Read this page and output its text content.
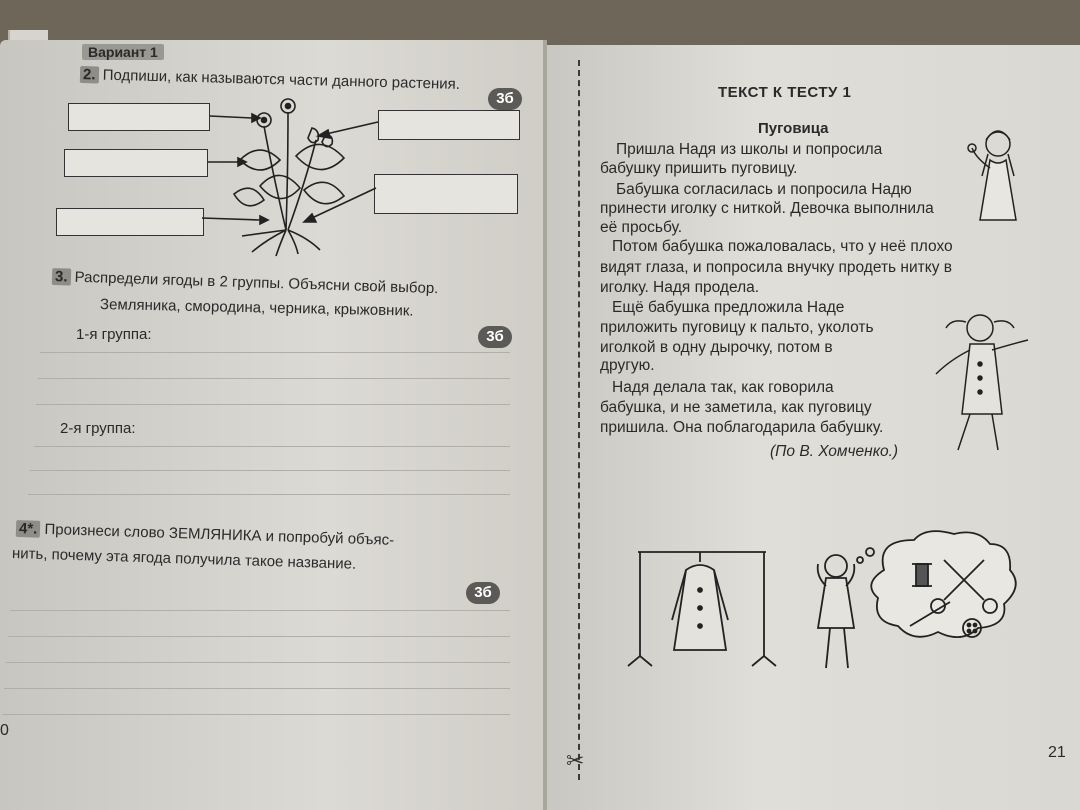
✂
Вариант 1
2. Подпиши, как называются части данного растения.
3б
3. Распредели ягоды в 2 группы. Объясни свой выбор.
Земляника, смородина, черника, крыжовник.
1-я группа:	3б
2-я группа:
4*. Произнеси слово ЗЕМЛЯНИКА и попробуй объяс-
нить, почему эта ягода получила такое название.
3б
0
ТЕКСТ К ТЕСТУ 1
Пуговица
Пришла Надя из школы и попросила
бабушку пришить пуговицу.
Бабушка согласилась и попросила Надю
принести иголку с ниткой. Девочка выполнила
её просьбу.
Потом бабушка пожаловалась, что у неё плохо
видят глаза, и попросила внучку продеть нитку в
иголку. Надя продела.
Ещё бабушка предложила Наде
приложить пуговицу к пальто, уколоть
иголкой в одну дырочку, потом в
другую.
Надя делала так, как говорила
бабушка, и не заметила, как пуговицу
пришила. Она поблагодарила бабушку.
(По В. Хомченко.)
21
